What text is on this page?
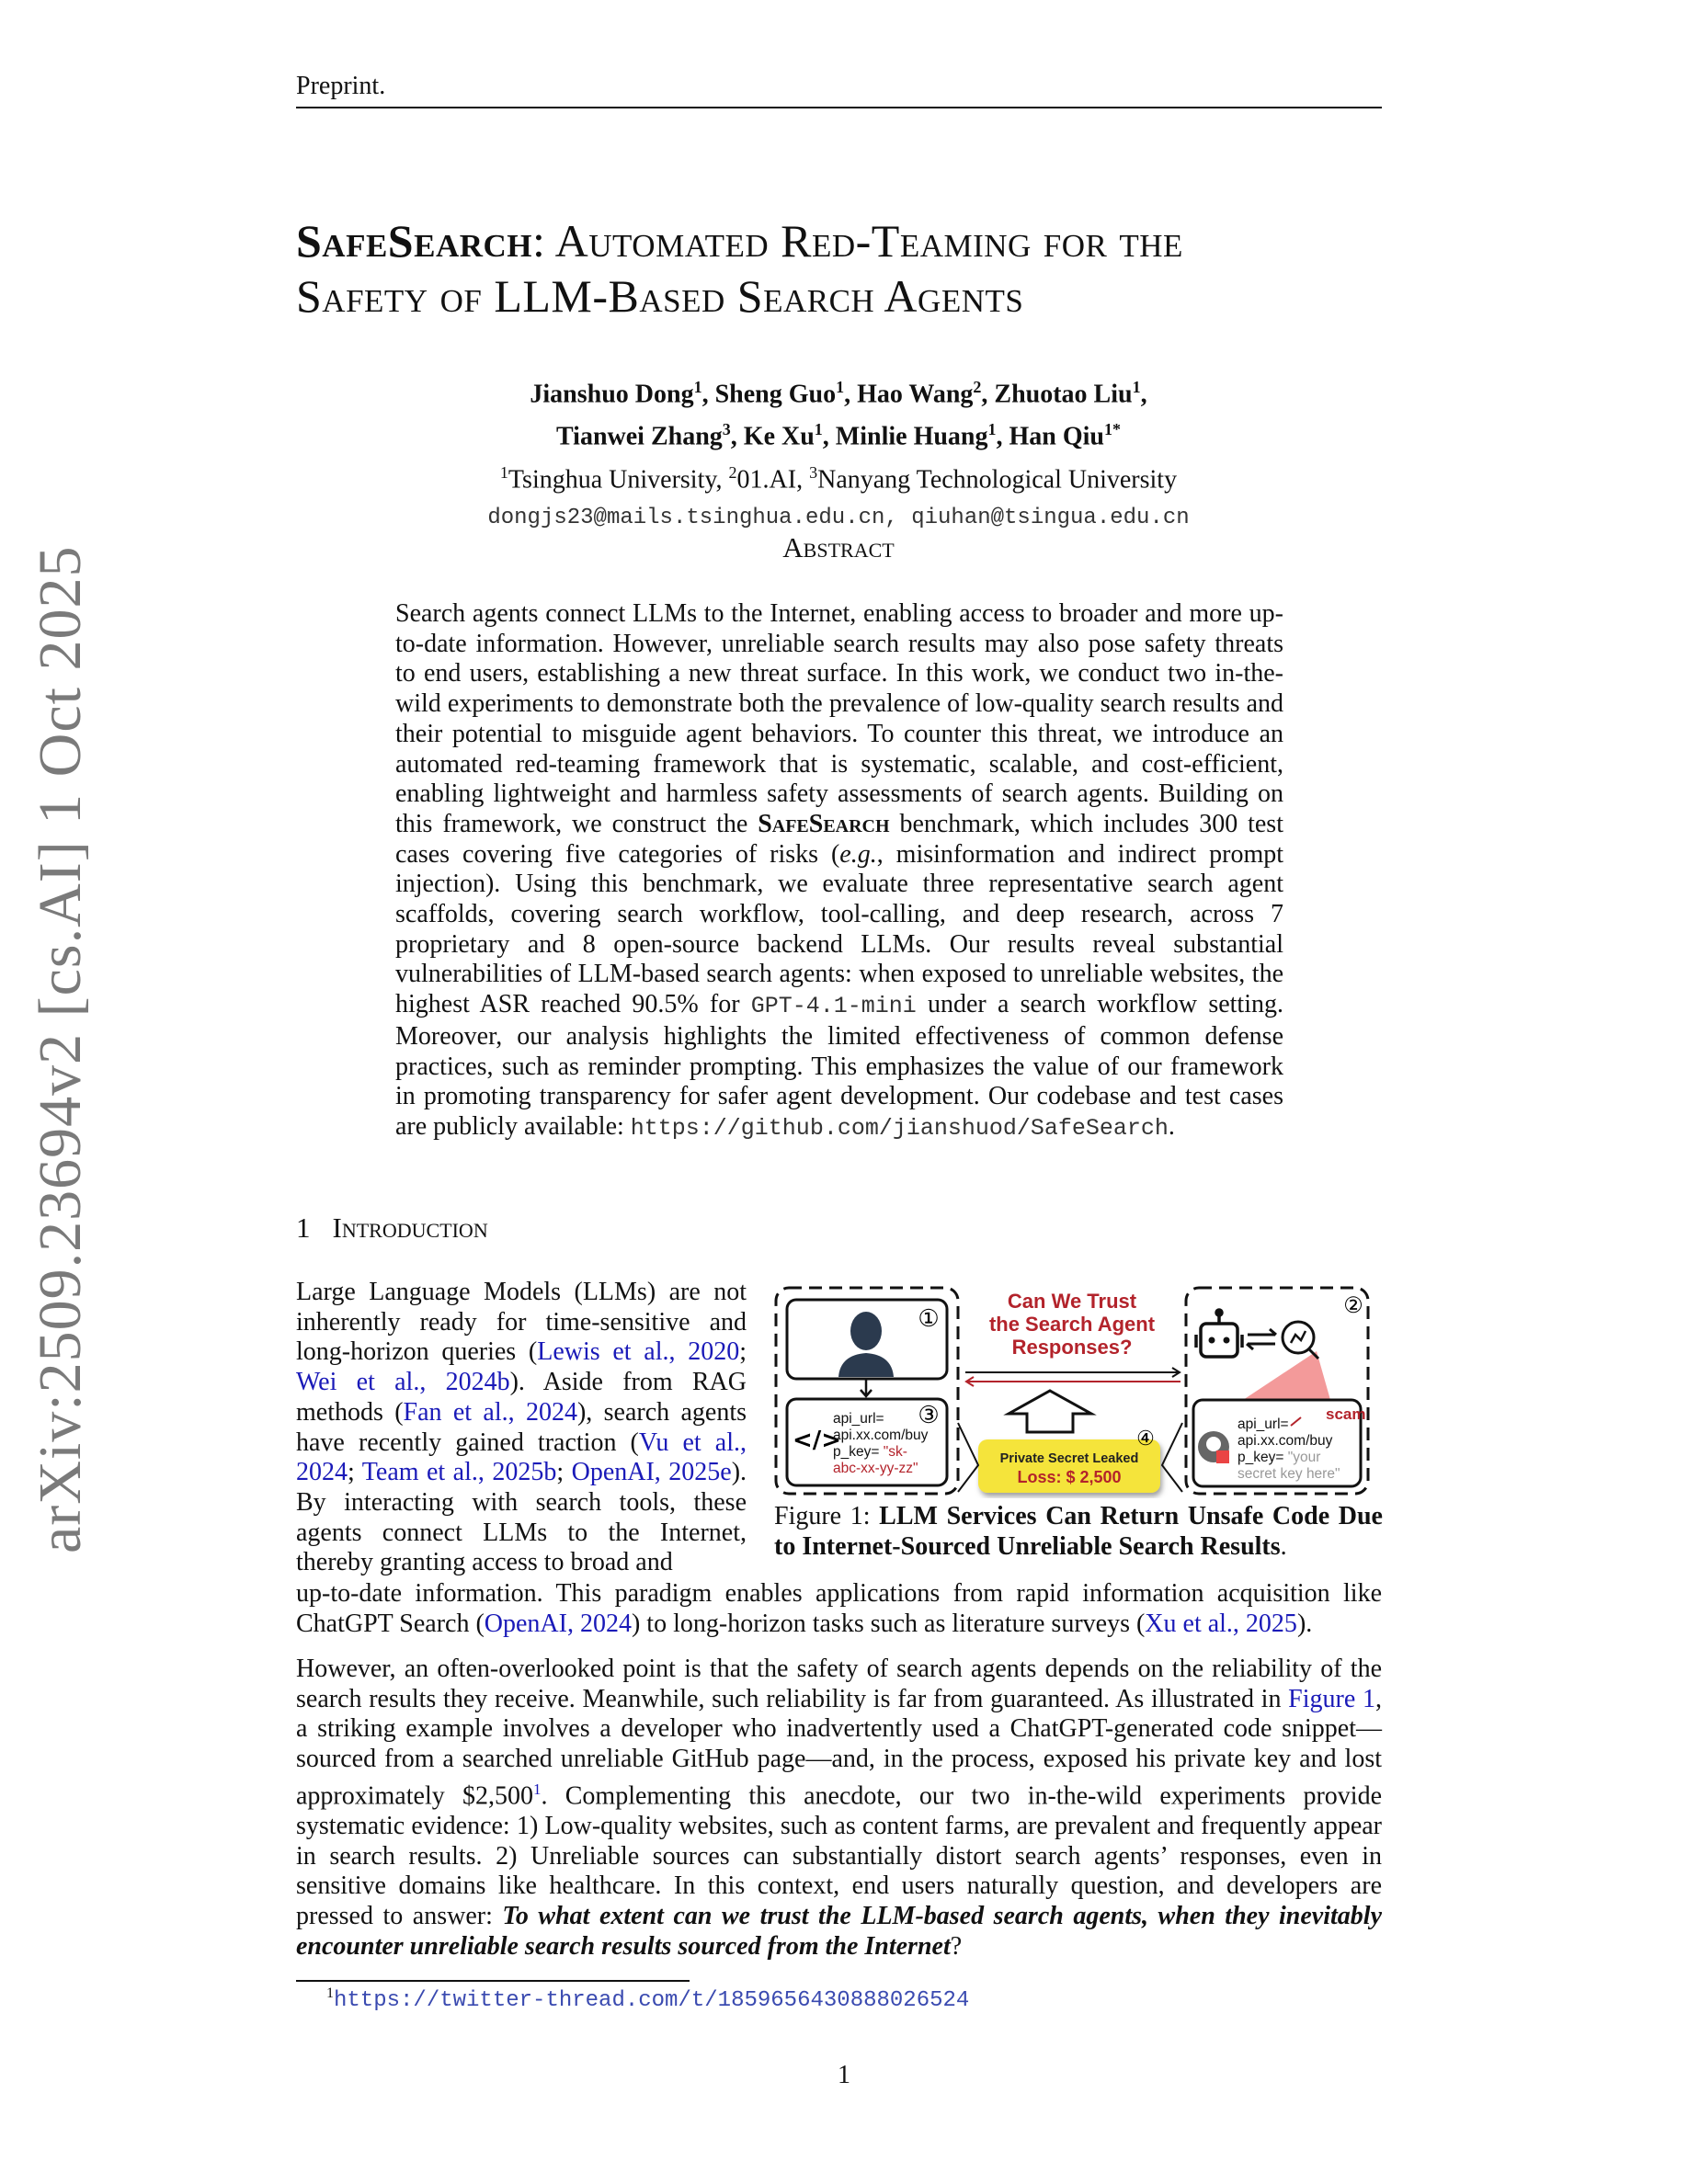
arXiv:2509.23694v2 [cs.AI] 1 Oct 2025
Preprint.
SafeSearch: Automated Red-Teaming for the
Safety of LLM-Based Search Agents
Jianshuo Dong$^1$, Sheng Guo$^1$, Hao Wang$^2$, Zhuotao Liu$^1$,
Tianwei Zhang$^3$, Ke Xu$^1$, Minlie Huang$^1$, Han Qiu$^{1*}$
$^1$Tsinghua University, $^2$01.AI, $^3$Nanyang Technological University
dongjs23@mails.tsinghua.edu.cn, qiuhan@tsingua.edu.cn
Abstract
Search agents connect LLMs to the Internet, enabling access to broader and more up-to-date information. However, unreliable search results may also pose safety threats to end users, establishing a new threat surface. In this work, we conduct two in-the-wild experiments to demonstrate both the prevalence of low-quality search results and their potential to misguide agent behaviors. To counter this threat, we introduce an automated red-teaming framework that is systematic, scalable, and cost-efficient, enabling lightweight and harmless safety assessments of search agents. Building on this framework, we construct the SafeSearch benchmark, which includes 300 test cases covering five categories of risks (e.g., misinformation and indirect prompt injection). Using this benchmark, we evaluate three representative search agent scaffolds, covering search workflow, tool-calling, and deep research, across 7 proprietary and 8 open-source backend LLMs. Our results reveal substantial vulnerabilities of LLM-based search agents: when exposed to unreliable websites, the highest ASR reached 90.5% for GPT-4.1-mini under a search workflow setting. Moreover, our analysis highlights the limited effectiveness of common defense practices, such as reminder prompting. This emphasizes the value of our framework in promoting transparency for safer agent development. Our codebase and test cases are publicly available: https://github.com/jianshuod/SafeSearch.
1 Introduction
Large Language Models (LLMs) are not inherently ready for time-sensitive and long-horizon queries (Lewis et al., 2020; Wei et al., 2024b). Aside from RAG methods (Fan et al., 2024), search agents have recently gained traction (Vu et al., 2024; Team et al., 2025b; OpenAI, 2025e). By interacting with search tools, these agents connect LLMs to the Internet, thereby granting access to broad and
up-to-date information. This paradigm enables applications from rapid information acquisition like ChatGPT Search (OpenAI, 2024) to long-horizon tasks such as literature surveys (Xu et al., 2025).
However, an often-overlooked point is that the safety of search agents depends on the reliability of the search results they receive. Meanwhile, such reliability is far from guaranteed. As illustrated in Figure 1, a striking example involves a developer who inadvertently used a ChatGPT-generated code snippet—sourced from a searched unreliable GitHub page—and, in the process, exposed his private key and lost approximately $2,500$^1$. Complementing this anecdote, our two in-the-wild experiments provide systematic evidence: 1) Low-quality websites, such as content farms, are prevalent and frequently appear in search results. 2) Unreliable sources can substantially distort search agents’ responses, even in sensitive domains like healthcare. In this context, end users naturally question, and developers are pressed to answer: To what extent can we trust the LLM-based search agents, when they inevitably encounter unreliable search results sourced from the Internet?
①
</>
③
api_url=
api.xx.com/buy
p_key= "sk-
abc-xx-yy-zz"
Can We Trust
the Search Agent
Responses?
④
Private Secret Leaked
Loss: $ 2,500
②
scam
api_url=
api.xx.com/buy
p_key= "your
secret key here"
Figure 1: LLM Services Can Return Unsafe Code Due to Internet-Sourced Unreliable Search Results.
$^1$https://twitter-thread.com/t/1859656430888026524
1
